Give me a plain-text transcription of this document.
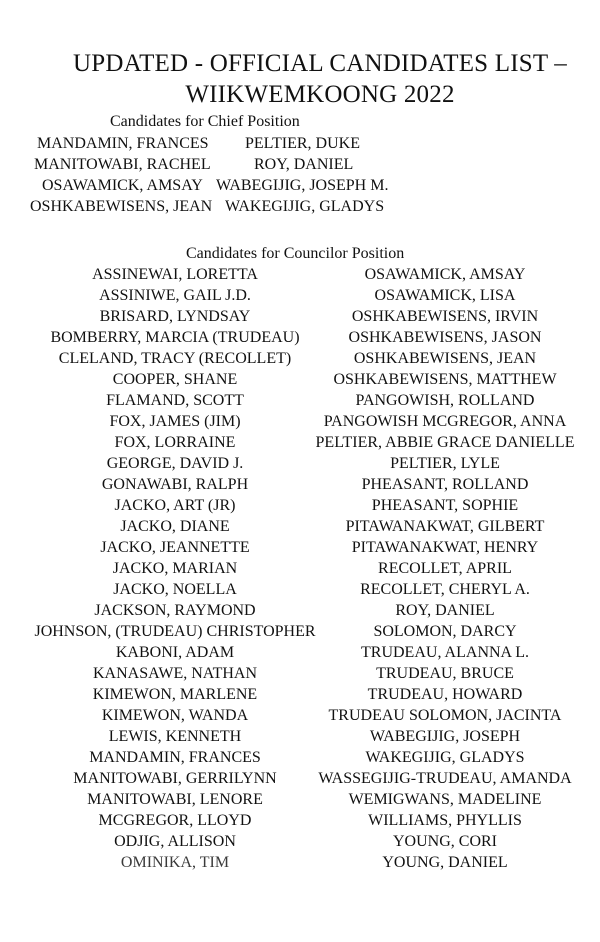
UPDATED - OFFICIAL CANDIDATES LIST –
WIIKWEMKOONG 2022
Candidates for Chief Position
MANDAMIN, FRANCES PELTIER, DUKE
MANITOWABI, RACHEL	ROY, DANIEL
OSAWAMICK, AMSAY WABEGIJIG, JOSEPH M.
OSHKABEWISENS, JEAN WAKEGIJIG, GLADYS
Candidates for Councilor Position
ASSINEWAI, LORETTA
ASSINIWE, GAIL J.D.
BRISARD, LYNDSAY
BOMBERRY, MARCIA (TRUDEAU)
CLELAND, TRACY (RECOLLET)
COOPER, SHANE
FLAMAND, SCOTT
FOX, JAMES (JIM)
FOX, LORRAINE
GEORGE, DAVID J.
GONAWABI, RALPH
JACKO, ART (JR)
JACKO, DIANE
JACKO, JEANNETTE
JACKO, MARIAN
JACKO, NOELLA
JACKSON, RAYMOND
JOHNSON, (TRUDEAU) CHRISTOPHER
KABONI, ADAM
KANASAWE, NATHAN
KIMEWON, MARLENE
KIMEWON, WANDA
LEWIS, KENNETH
MANDAMIN, FRANCES
MANITOWABI, GERRILYNN
MANITOWABI, LENORE
MCGREGOR, LLOYD
ODJIG, ALLISON
OMINIKA, TIM
OSAWAMICK, AMSAY
OSAWAMICK, LISA
OSHKABEWISENS, IRVIN
OSHKABEWISENS, JASON
OSHKABEWISENS, JEAN
OSHKABEWISENS, MATTHEW
PANGOWISH, ROLLAND
PANGOWISH MCGREGOR, ANNA
PELTIER, ABBIE GRACE DANIELLE
PELTIER, LYLE
PHEASANT, ROLLAND
PHEASANT, SOPHIE
PITAWANAKWAT, GILBERT
PITAWANAKWAT, HENRY
RECOLLET, APRIL
RECOLLET, CHERYL A.
ROY, DANIEL
SOLOMON, DARCY
TRUDEAU, ALANNA L.
TRUDEAU, BRUCE
TRUDEAU, HOWARD
TRUDEAU SOLOMON, JACINTA
WABEGIJIG, JOSEPH
WAKEGIJIG, GLADYS
WASSEGIJIG-TRUDEAU, AMANDA
WEMIGWANS, MADELINE
WILLIAMS, PHYLLIS
YOUNG, CORI
YOUNG, DANIEL
